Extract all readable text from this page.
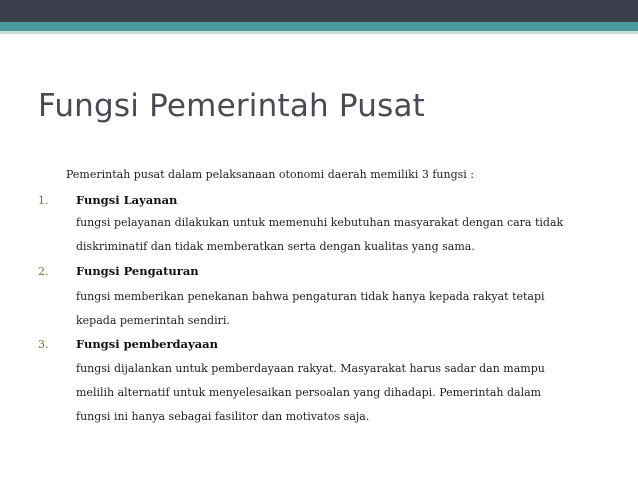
Fungsi Pemerintah Pusat
Pemerintah pusat dalam pelaksanaan otonomi daerah memiliki 3 fungsi :
1. Fungsi Layanan
fungsi pelayanan dilakukan untuk memenuhi kebutuhan masyarakat dengan cara tidak
diskriminatif dan tidak memberatkan serta dengan kualitas yang sama.
2. Fungsi Pengaturan
fungsi memberikan penekanan bahwa pengaturan tidak hanya kepada rakyat tetapi
kepada pemerintah sendiri.
3. Fungsi pemberdayaan
fungsi dijalankan untuk pemberdayaan rakyat. Masyarakat harus sadar dan mampu
melilih alternatif untuk menyelesaikan persoalan yang dihadapi. Pemerintah dalam
fungsi ini hanya sebagai fasilitor dan motivatos saja.
